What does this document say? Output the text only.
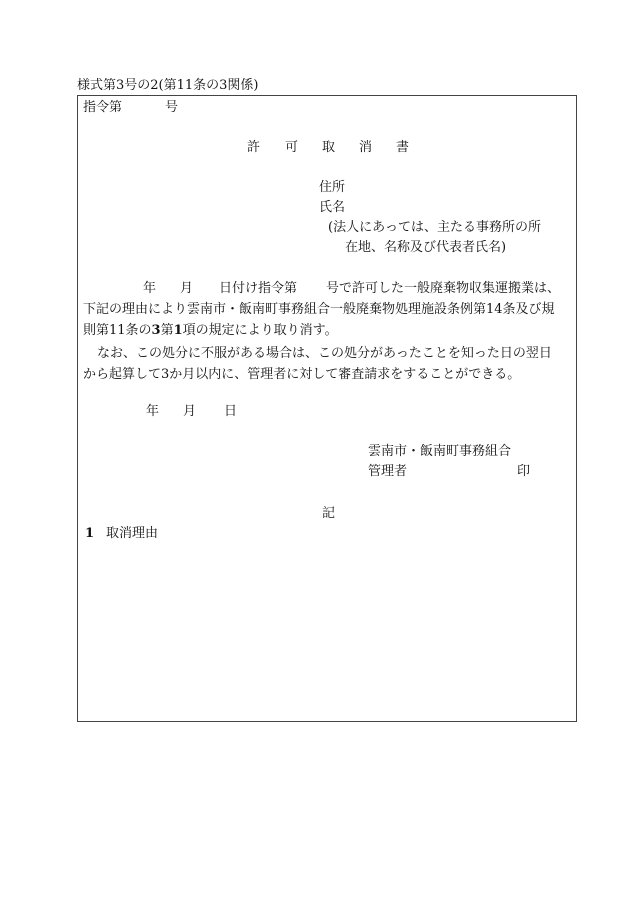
様式第3号の2(第11条の3関係)
指令第	号
許 可 取 消 書
住所
氏名
(法人にあっては、主たる事務所の所
在地、名称及び代表者氏名)
年 月 日付け指令第 号で許可した一般廃棄物収集運搬業は、
下記の理由により雲南市・飯南町事務組合一般廃棄物処理施設条例第14条及び規
則第11条の3第1項の規定により取り消す。
なお、この処分に不服がある場合は、この処分があったことを知った日の翌日
から起算して3か月以内に、管理者に対して審査請求をすることができる。
年 月 日
雲南市・飯南町事務組合
管理者	印
記
1 取消理由
